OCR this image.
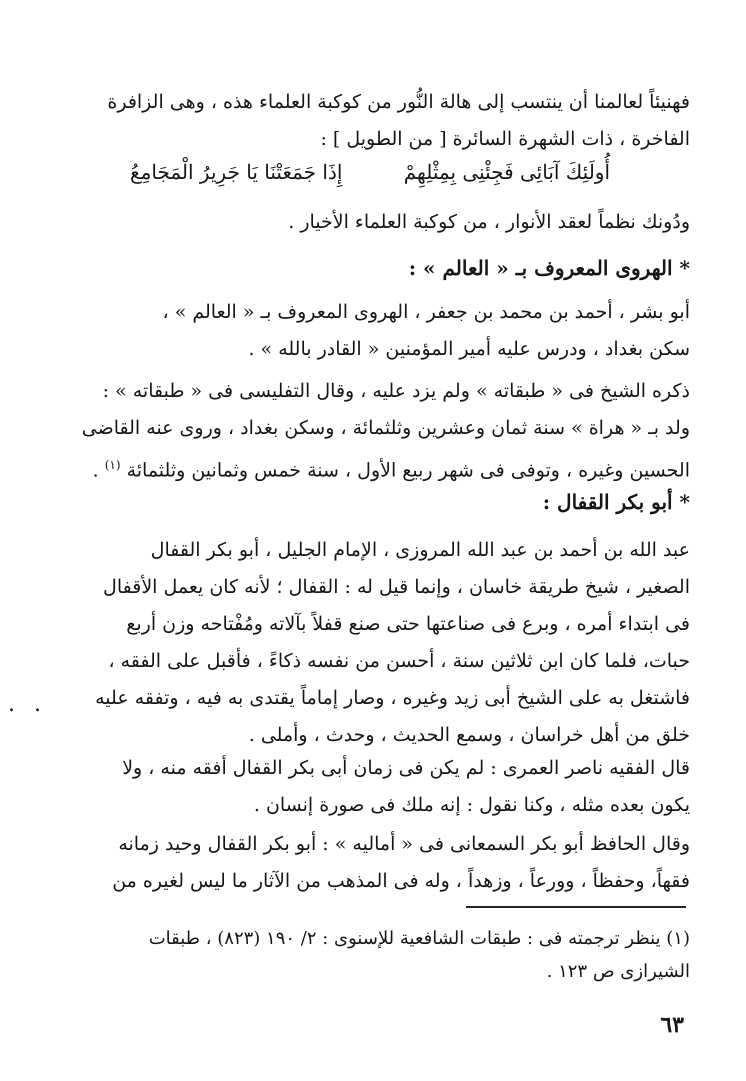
فهنيئاً لعالمنا أن ينتسب إلى هالة النُّور من كوكبة العلماء هذه ، وهى الزافرة
الفاخرة ، ذات الشهرة السائرة [ من الطويل ] :
أُولَئِكَ آبَائِى فَجِئْنِى بِمِثْلِهِمْ
إِذَا جَمَعَتْنَا يَا جَرِيرُ الْمَجَامِعُ
ودُونك نظماً لعقد الأنوار ، من كوكبة العلماء الأخيار .
* الهروى المعروف بـ « العالم » :
أبو بشر ، أحمد بن محمد بن جعفر ، الهروى المعروف بـ « العالم » ،
سكن بغداد ، ودرس عليه أمير المؤمنين « القادر بالله » .
ذكره الشيخ فى « طبقاته » ولم يزد عليه ، وقال التفليسى فى « طبقاته » :
ولد بـ « هراة » سنة ثمان وعشرين وثلثمائة ، وسكن بغداد ، وروى عنه القاضى
الحسين وغيره ، وتوفى فى شهر ربيع الأول ، سنة خمس وثمانين وثلثمائة $^{(١)}$ .
* أبو بكر القفال :
عبد الله بن أحمد بن عبد الله المروزى ، الإمام الجليل ، أبو بكر القفال
الصغير ، شيخ طريقة خاسان ، وإنما قيل له : القفال ؛ لأنه كان يعمل الأقفال
فى ابتداء أمره ، وبرع فى صناعتها حتى صنع قفلاً بآلاته ومُفْتاحه وزن أربع
حبات، فلما كان ابن ثلاثين سنة ، أحسن من نفسه ذكاءً ، فأقبل على الفقه ،
فاشتغل به على الشيخ أبى زيد وغيره ، وصار إماماً يقتدى به فيه ، وتفقه عليه
خلق من أهل خراسان ، وسمع الحديث ، وحدث ، وأملى .
قال الفقيه ناصر العمرى : لم يكن فى زمان أبى بكر القفال أفقه منه ، ولا
يكون بعده مثله ، وكنا نقول : إنه ملك فى صورة إنسان .
وقال الحافظ أبو بكر السمعانى فى « أماليه » : أبو بكر القفال وحيد زمانه
فقهاً، وحفظاً ، وورعاً ، وزهداً ، وله فى المذهب من الآثار ما ليس لغيره من
(١) ينظر ترجمته فى : طبقات الشافعية للإسنوى : ٢/ ١٩٠ (٨٢٣) ، طبقات
الشيرازى ص ١٢٣ .
٦٣
. .
